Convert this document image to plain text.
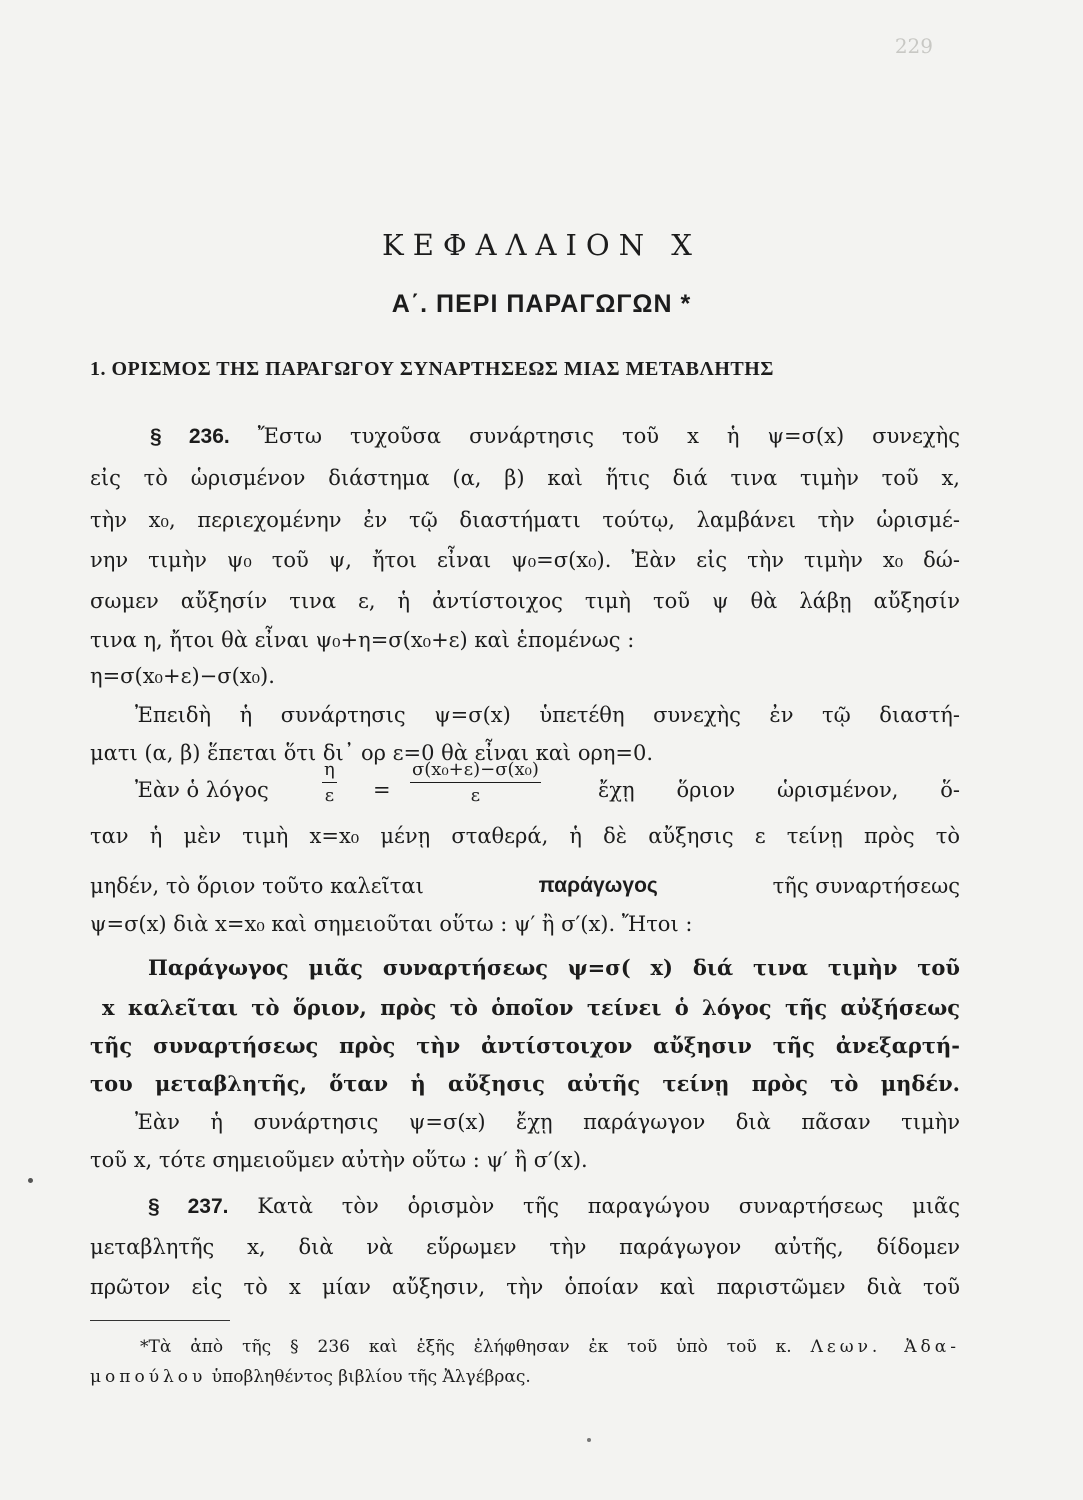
229
ΚΕΦΑΛΑΙΟΝ Χ
Α΄. ΠΕΡΙ ΠΑΡΑΓΩΓΩΝ *
1. ΟΡΙΣΜΟΣ ΤΗΣ ΠΑΡΑΓΩΓΟΥ ΣΥΝΑΡΤΗΣΕΩΣ ΜΙΑΣ ΜΕΤΑΒΛΗΤΗΣ
§ 236. Ἔστω τυχοῦσα συνάρτησις τοῦ x ἡ ψ=σ(x) συνεχὴς
εἰς τὸ ὡρισμένον διάστημα (α, β) καὶ ἥτις διά τινα τιμὴν τοῦ x,
τὴν x₀, περιεχομένην ἐν τῷ διαστήματι τούτῳ, λαμβάνει τὴν ὡρισμέ-
νην τιμὴν ψ₀ τοῦ ψ, ἤτοι εἶναι ψ₀=σ(x₀). Ἐὰν εἰς τὴν τιμὴν x₀ δώ-
σωμεν αὔξησίν τινα ε, ἡ ἀντίστοιχος τιμὴ τοῦ ψ θὰ λάβῃ αὔξησίν
τινα η, ἤτοι θὰ εἶναι ψ₀+η=σ(x₀+ε) καὶ ἑπομένως :
η=σ(x₀+ε)−σ(x₀).
Ἐπειδὴ ἡ συνάρτησις ψ=σ(x) ὑπετέθη συνεχὴς ἐν τῷ διαστή-
ματι (α, β) ἕπεται ὅτι δι᾽ ορ ε=0 θὰ εἶναι καὶ ορη=0.
Ἐὰν ὁ λόγος	$\frac{\eta}{\varepsilon} = \frac{\text{σ(x₀+ε)−σ(x₀)}}{\varepsilon}$	ἔχῃ ὅριον ὡρισμένον, ὅ-
ταν ἡ μὲν τιμὴ x=x₀ μένῃ σταθερά, ἡ δὲ αὔξησις ε τείνῃ πρὸς τὸ
μηδέν, τὸ ὅριον τοῦτο καλεῖται	παράγωγος	τῆς συναρτήσεως
ψ=σ(x) διὰ x=x₀ καὶ σημειοῦται οὕτω : ψ′ ἢ σ′(x). Ἤτοι :
Παράγωγος μιᾶς συναρτήσεως ψ=σ( x) διά τινα τιμὴν τοῦ
x καλεῖται τὸ ὅριον, πρὸς τὸ ὁποῖον τείνει ὁ λόγος τῆς αὐξήσεως
τῆς συναρτήσεως πρὸς τὴν ἀντίστοιχον αὔξησιν τῆς ἀνεξαρτή-
του μεταβλητῆς, ὅταν ἡ αὔξησις αὐτῆς τείνῃ πρὸς τὸ μηδέν.
Ἐὰν ἡ συνάρτησις ψ=σ(x) ἔχῃ παράγωγον διὰ πᾶσαν τιμὴν
τοῦ x, τότε σημειοῦμεν αὐτὴν οὕτω : ψ′ ἢ σ′(x).
§ 237. Κατὰ τὸν ὁρισμὸν τῆς παραγώγου συναρτήσεως μιᾶς
μεταβλητῆς x, διὰ νὰ εὕρωμεν τὴν παράγωγον αὐτῆς, δίδομεν
πρῶτον εἰς τὸ x μίαν αὔξησιν, τὴν ὁποίαν καὶ παριστῶμεν διὰ τοῦ
*Τὰ ἀπὸ τῆς § 236 καὶ ἑξῆς ἐλήφθησαν ἐκ τοῦ ὑπὸ τοῦ κ. Λεων. Ἀδα-
μοπούλου ὑποβληθέντος βιβλίου τῆς Ἀλγέβρας.
